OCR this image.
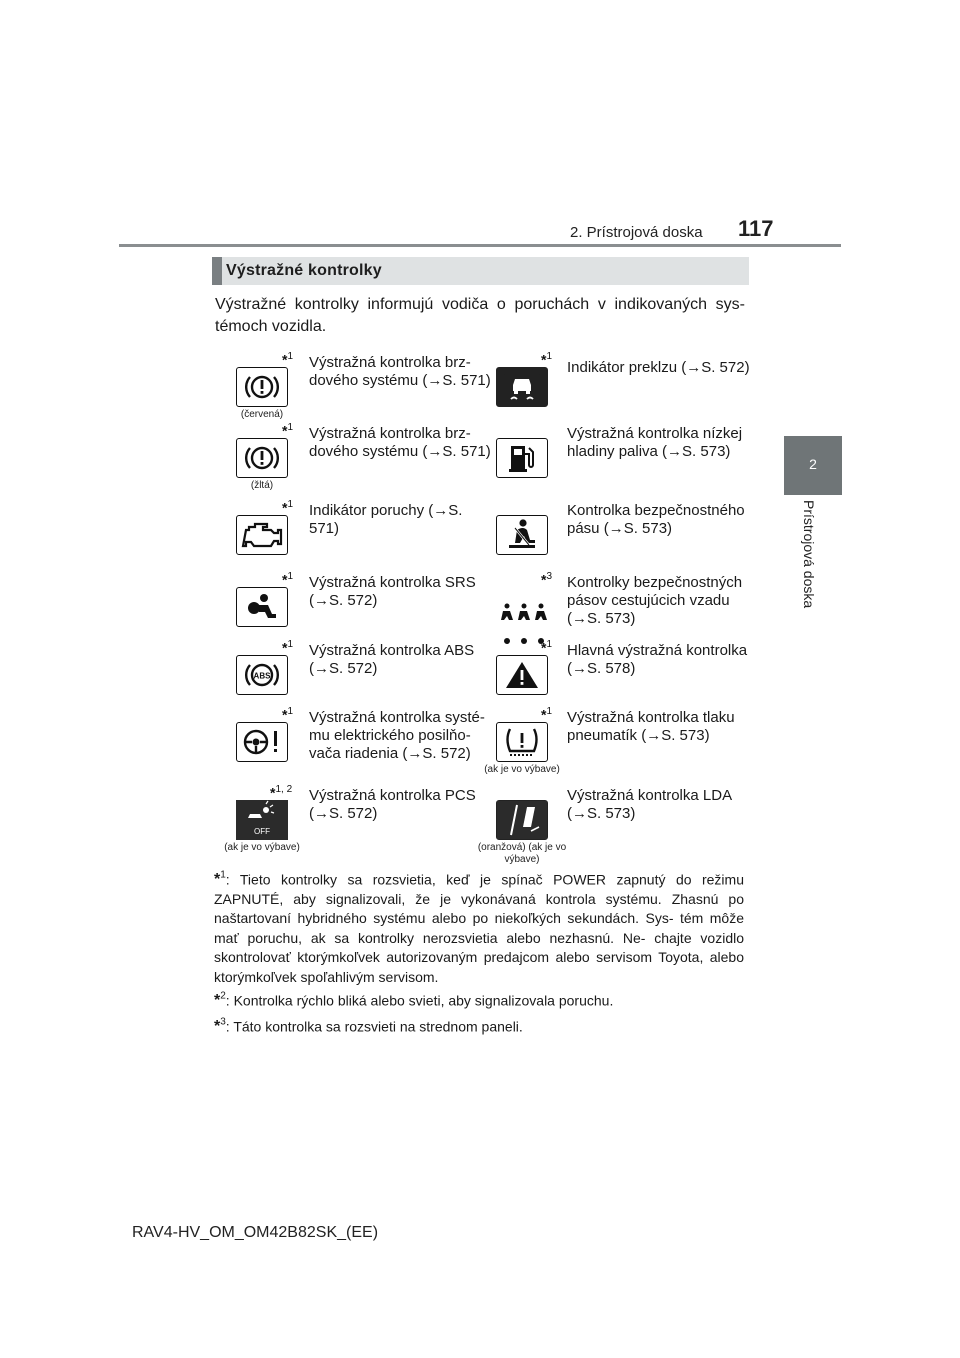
2. Prístrojová doska 117
2
Prístrojová doska
Výstražné kontrolky
Výstražné kontrolky informujú vodiča o poruchách v indikovaných sys- témoch vozidla.
(červená)
*$^1$ Výstražná kontrolka brz- dového systému (→S. 571)
*$^1$
Indikátor preklzu (→S. 572)
(žltá)
*$^1$ Výstražná kontrolka brz- dového systému (→S. 571)
Výstražná kontrolka nízkej hladiny paliva (→S. 573)
*$^1$ Indikátor poruchy (→S. 571)
Kontrolka bezpečnostného pásu (→S. 573)
*$^1$ Výstražná kontrolka SRS (→S. 572)
*$^3$ Kontrolky bezpečnostných pásov cestujúcich vzadu (→S. 573)
ABS
*$^1$ Výstražná kontrolka ABS (→S. 572)
*$^1$ Hlavná výstražná kontrolka (→S. 578)
*$^1$ Výstražná kontrolka systé- mu elektrického posilňo- vača riadenia (→S. 572)
(ak je vo výbave)
*$^1$ Výstražná kontrolka tlaku pneumatík (→S. 573)
OFF
(ak je vo výbave)
*$^{1, 2}$ Výstražná kontrolka PCS (→S. 572)
(oranžová) (ak je vo výbave)
Výstražná kontrolka LDA (→S. 573)
*$^1$: Tieto kontrolky sa rozsvietia, keď je spínač POWER zapnutý do režimu ZAPNUTÉ, aby signalizovali, že je vykonávaná kontrola systému. Zhasnú po naštartovaní hybridného systému alebo po niekoľkých sekundách. Sys- tém môže mať poruchu, ak sa kontrolky nerozsvietia alebo nezhasnú. Ne- chajte vozidlo skontrolovať ktorýmkoľvek autorizovaným predajcom alebo servisom Toyota, alebo ktorýmkoľvek spoľahlivým servisom.
*$^2$: Kontrolka rýchlo bliká alebo svieti, aby signalizovala poruchu.
*$^3$: Táto kontrolka sa rozsvieti na strednom paneli.
RAV4-HV_OM_OM42B82SK_(EE)
